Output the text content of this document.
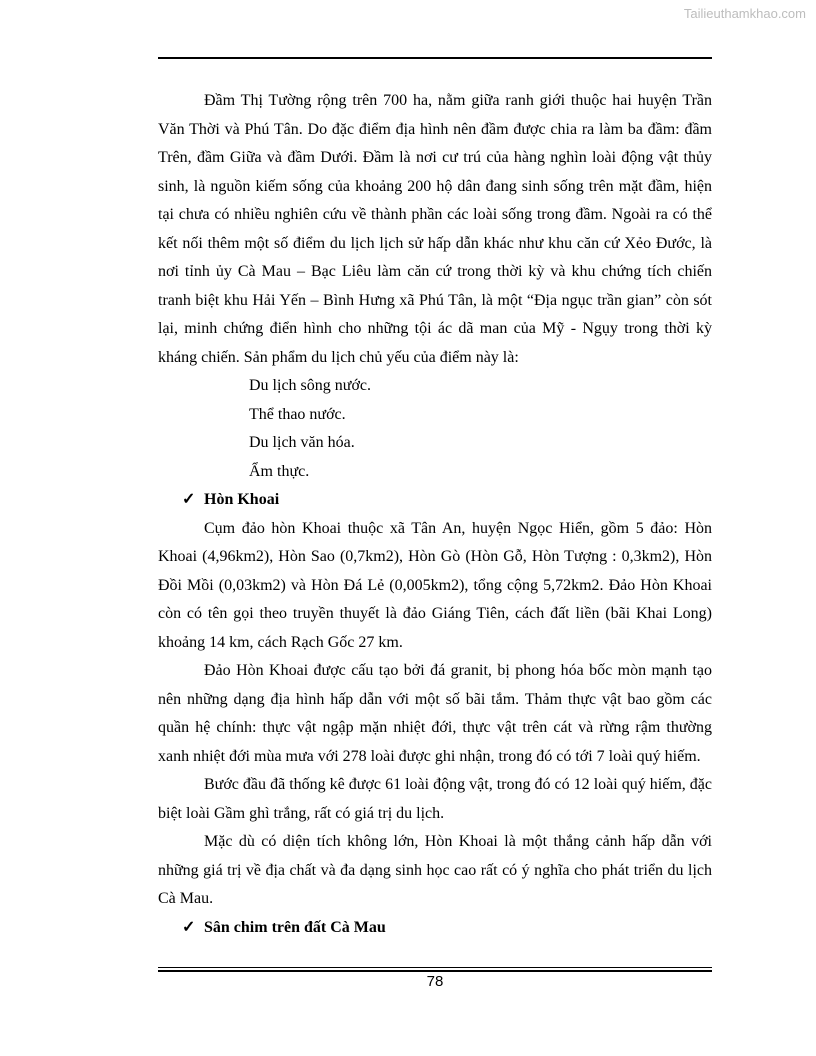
Tailieuthamkhao.com

Đầm Thị Tường rộng trên 700 ha, nằm giữa ranh giới thuộc hai huyện Trần Văn Thời và Phú Tân. Do đặc điểm địa hình nên đầm được chia ra làm ba đầm: đầm Trên, đầm Giữa và đầm Dưới. Đầm là nơi cư trú của hàng nghìn loài động vật thủy sinh, là nguồn kiếm sống của khoảng 200 hộ dân đang sinh sống trên mặt đầm, hiện tại chưa có nhiều nghiên cứu về thành phần các loài sống trong đầm. Ngoài ra có thể kết nối thêm một số điểm du lịch lịch sử hấp dẫn khác như khu căn cứ Xẻo Đước, là nơi tỉnh ủy Cà Mau – Bạc Liêu làm căn cứ trong thời kỳ và khu chứng tích chiến tranh biệt khu Hải Yến – Bình Hưng xã Phú Tân, là một “Địa ngục trần gian” còn sót lại, minh chứng điển hình cho những tội ác dã man của Mỹ - Ngụy trong thời kỳ kháng chiến. Sản phẩm du lịch chủ yếu của điểm này là:

Du lịch sông nước.
Thể thao nước.
Du lịch văn hóa.
Ẩm thực.
✓ Hòn Khoai

Cụm đảo hòn Khoai thuộc xã Tân An, huyện Ngọc Hiển, gồm 5 đảo: Hòn Khoai (4,96km2), Hòn Sao (0,7km2), Hòn Gò (Hòn Gỗ, Hòn Tượng : 0,3km2), Hòn Đồi Mồi (0,03km2) và Hòn Đá Lẻ (0,005km2), tổng cộng 5,72km2. Đảo Hòn Khoai còn có tên gọi theo truyền thuyết là đảo Giáng Tiên, cách đất liền (bãi Khai Long) khoảng 14 km, cách Rạch Gốc 27 km.

Đảo Hòn Khoai được cấu tạo bởi đá granit, bị phong hóa bốc mòn mạnh tạo nên những dạng địa hình hấp dẫn với một số bãi tắm. Thảm thực vật bao gồm các quần hệ chính: thực vật ngập mặn nhiệt đới, thực vật trên cát và rừng rậm thường xanh nhiệt đới mùa mưa với 278 loài được ghi nhận, trong đó có tới 7 loài quý hiếm.

Bước đầu đã thống kê được 61 loài động vật, trong đó có 12 loài quý hiếm, đặc biệt loài Gầm ghì trắng, rất có giá trị du lịch.

Mặc dù có diện tích không lớn, Hòn Khoai là một thắng cảnh hấp dẫn với những giá trị về địa chất và đa dạng sinh học cao rất có ý nghĩa cho phát triển du lịch Cà Mau.

✓ Sân chim trên đất Cà Mau
78
